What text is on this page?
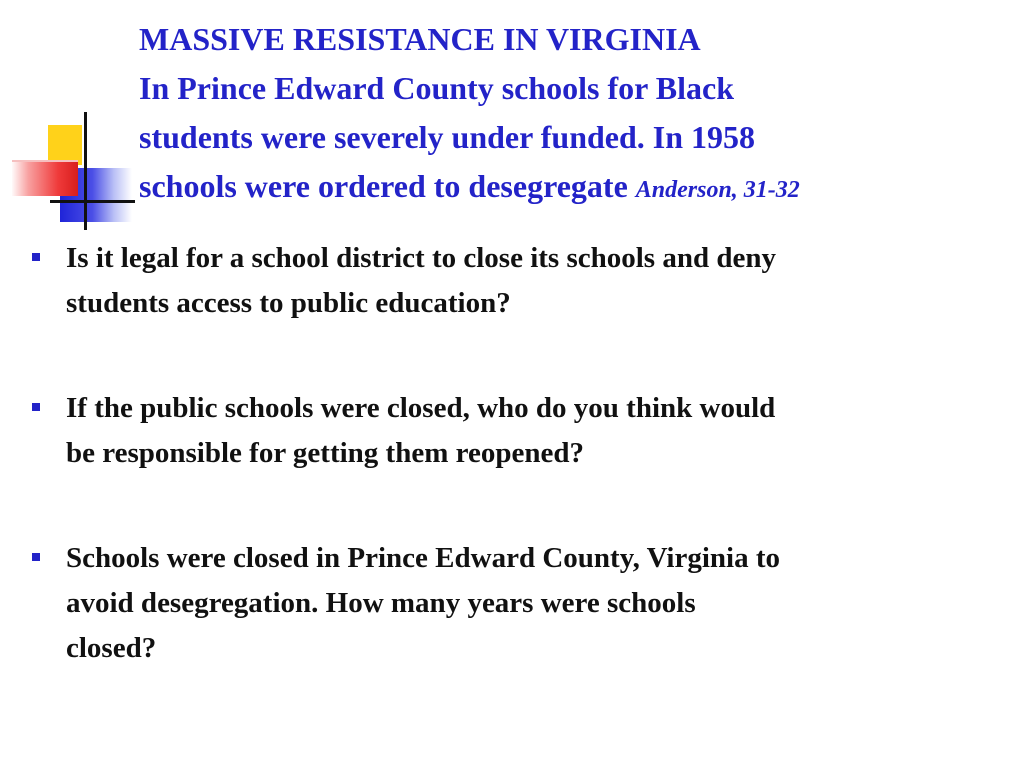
MASSIVE RESISTANCE IN VIRGINIA
In Prince Edward County schools for Black
students were severely under funded. In 1958
schools were ordered to desegregate Anderson, 31-32
Is it legal for a school district to close its schools and deny
students access to public education?
If the public schools were closed, who do you think would
be responsible for getting them reopened?
Schools were closed in Prince Edward County, Virginia to
avoid desegregation. How many years were schools
closed?
